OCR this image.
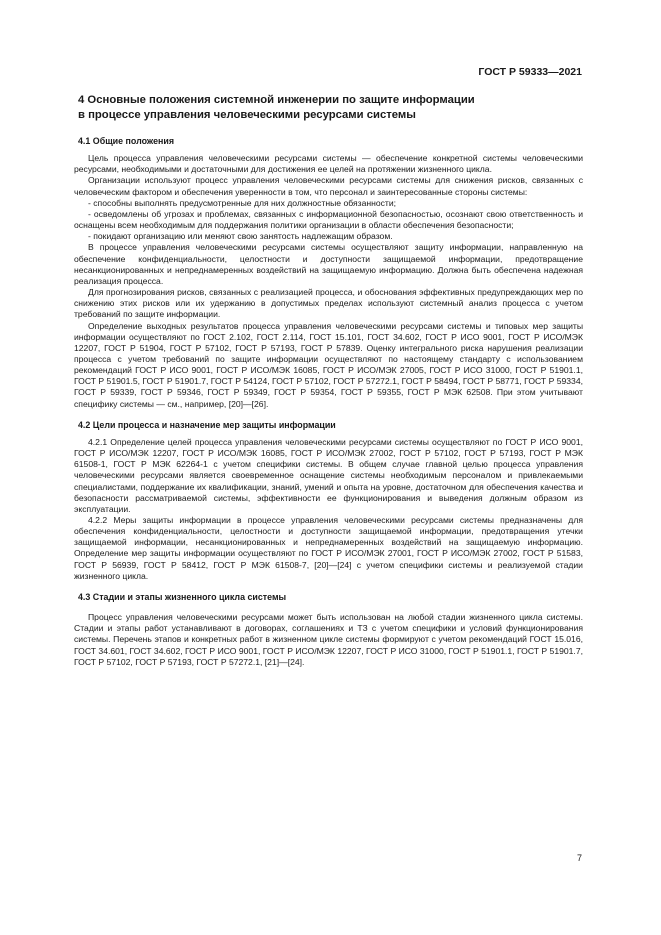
ГОСТ Р 59333—2021
4 Основные положения системной инженерии по защите информации
в процессе управления человеческими ресурсами системы
4.1 Общие положения

Цель процесса управления человеческими ресурсами системы — обеспечение конкретной системы человеческими ресурсами, необходимыми и достаточными для достижения ее целей на протяжении жизненного цикла.

Организации используют процесс управления человеческими ресурсами системы для снижения рисков, связанных с человеческим фактором и обеспечения уверенности в том, что персонал и заинтересованные стороны системы:

- способны выполнять предусмотренные для них должностные обязанности;

- осведомлены об угрозах и проблемах, связанных с информационной безопасностью, осознают свою ответственность и оснащены всем необходимым для поддержания политики организации в области обеспечения безопасности;

- покидают организацию или меняют свою занятость надлежащим образом.

В процессе управления человеческими ресурсами системы осуществляют защиту информации, направленную на обеспечение конфиденциальности, целостности и доступности защищаемой информации, предотвращение несанкционированных и непреднамеренных воздействий на защищаемую информацию. Должна быть обеспечена надежная реализация процесса.

Для прогнозирования рисков, связанных с реализацией процесса, и обоснования эффективных предупреждающих мер по снижению этих рисков или их удержанию в допустимых пределах используют системный анализ процесса с учетом требований по защите информации.

Определение выходных результатов процесса управления человеческими ресурсами системы и типовых мер защиты информации осуществляют по ГОСТ 2.102, ГОСТ 2.114, ГОСТ 15.101, ГОСТ 34.602, ГОСТ Р ИСО 9001, ГОСТ Р ИСО/МЭК 12207, ГОСТ Р 51904, ГОСТ Р 57102, ГОСТ Р 57193, ГОСТ Р 57839. Оценку интегрального риска нарушения реализации процесса с учетом требований по защите информации осуществляют по настоящему стандарту с использованием рекомендаций ГОСТ Р ИСО 9001, ГОСТ Р ИСО/МЭК 16085, ГОСТ Р ИСО/МЭК 27005, ГОСТ Р ИСО 31000, ГОСТ Р 51901.1, ГОСТ Р 51901.5, ГОСТ Р 51901.7, ГОСТ Р 54124, ГОСТ Р 57102, ГОСТ Р 57272.1, ГОСТ Р 58494, ГОСТ Р 58771, ГОСТ Р 59334, ГОСТ Р 59339, ГОСТ Р 59346, ГОСТ Р 59349, ГОСТ Р 59354, ГОСТ Р 59355, ГОСТ Р МЭК 62508. При этом учитывают специфику системы — см., например, [20]—[26].

4.2 Цели процесса и назначение мер защиты информации

4.2.1 Определение целей процесса управления человеческими ресурсами системы осуществляют по ГОСТ Р ИСО 9001, ГОСТ Р ИСО/МЭК 12207, ГОСТ Р ИСО/МЭК 16085, ГОСТ Р ИСО/МЭК 27002, ГОСТ Р 57102, ГОСТ Р 57193, ГОСТ Р МЭК 61508-1, ГОСТ Р МЭК 62264-1 с учетом специфики системы. В общем случае главной целью процесса управления человеческими ресурсами является своевременное оснащение системы необходимым персоналом и привлекаемыми специалистами, поддержание их квалификации, знаний, умений и опыта на уровне, достаточном для обеспечения качества и безопасности рассматриваемой системы, эффективности ее функционирования и выведения должным образом из эксплуатации.

4.2.2 Меры защиты информации в процессе управления человеческими ресурсами системы предназначены для обеспечения конфиденциальности, целостности и доступности защищаемой информации, предотвращения утечки защищаемой информации, несанкционированных и непреднамеренных воздействий на защищаемую информацию. Определение мер защиты информации осуществляют по ГОСТ Р ИСО/МЭК 27001, ГОСТ Р ИСО/МЭК 27002, ГОСТ Р 51583, ГОСТ Р 56939, ГОСТ Р 58412, ГОСТ Р МЭК 61508-7, [20]—[24] с учетом специфики системы и реализуемой стадии жизненного цикла.

4.3 Стадии и этапы жизненного цикла системы

Процесс управления человеческими ресурсами может быть использован на любой стадии жизненного цикла системы. Стадии и этапы работ устанавливают в договорах, соглашениях и ТЗ с учетом специфики и условий функционирования системы. Перечень этапов и конкретных работ в жизненном цикле системы формируют с учетом рекомендаций ГОСТ 15.016, ГОСТ 34.601, ГОСТ 34.602, ГОСТ Р ИСО 9001, ГОСТ Р ИСО/МЭК 12207, ГОСТ Р ИСО 31000, ГОСТ Р 51901.1, ГОСТ Р 51901.7, ГОСТ Р 57102, ГОСТ Р 57193, ГОСТ Р 57272.1, [21]—[24].

7
